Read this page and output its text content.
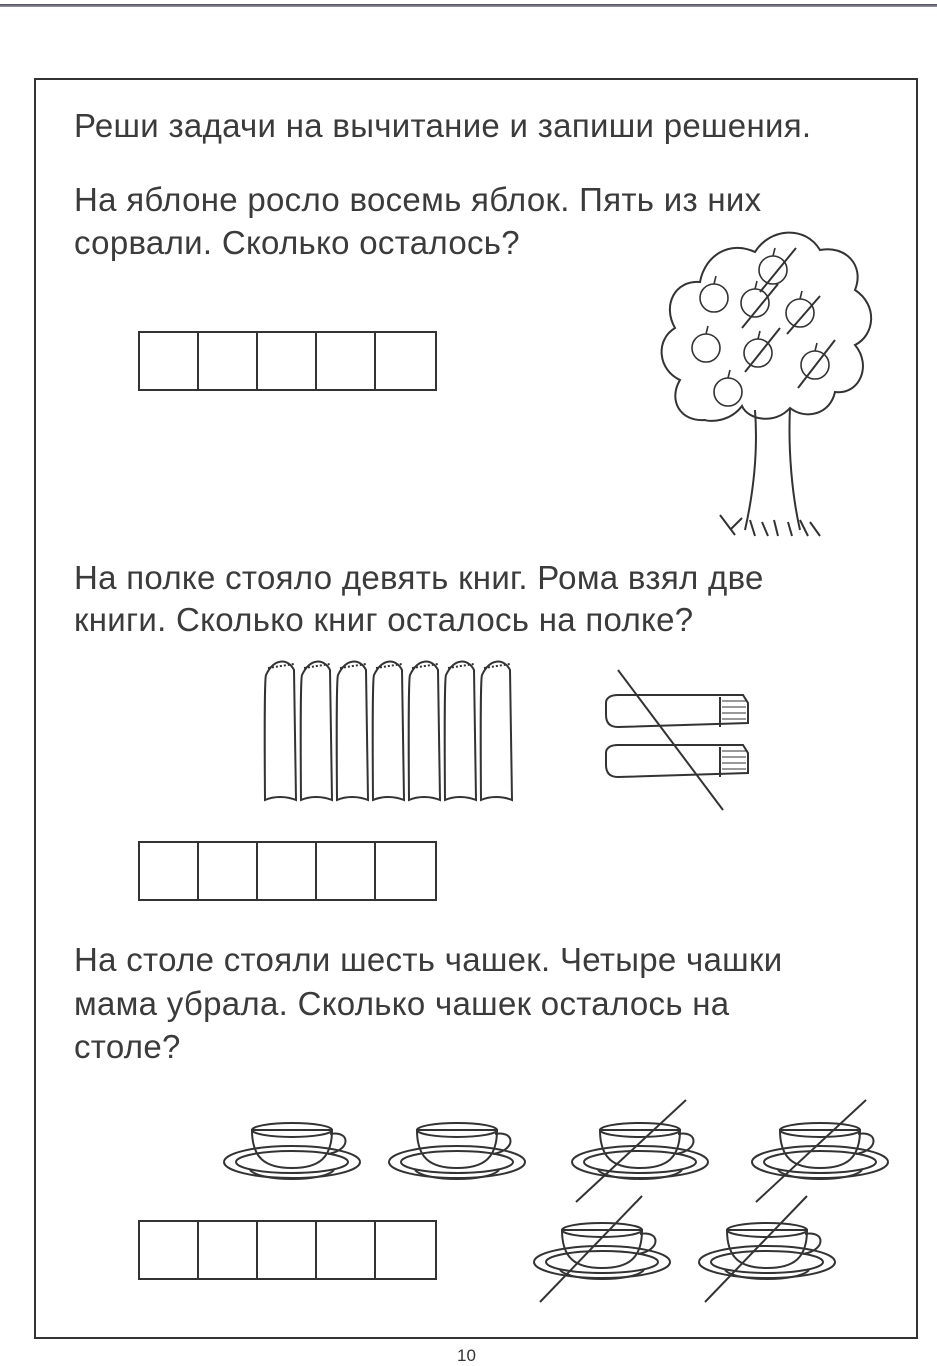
Реши задачи на вычитание и запиши решения.

На яблоне росло восемь яблок. Пять из них

сорвали. Сколько осталось?

На полке стояло девять книг. Рома взял две

книги. Сколько книг осталось на полке?

На столе стояли шесть чашек. Четыре чашки

мама убрала. Сколько чашек осталось на

столе?

10
